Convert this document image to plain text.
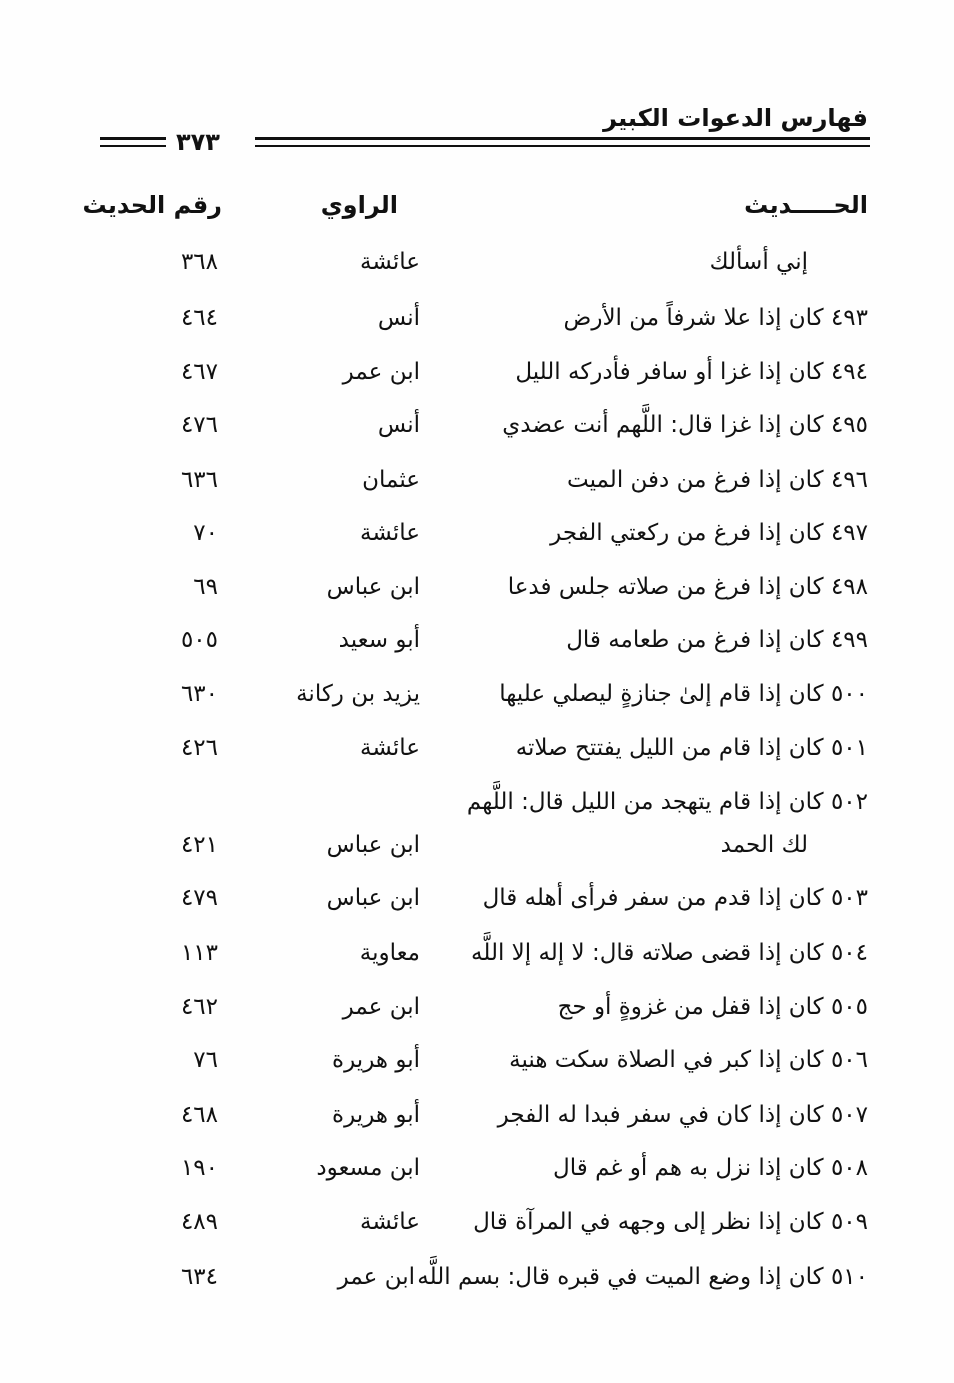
فهارس الدعوات الكبير
٣٧٣
الحـــــديث
الراوي
رقم الحديث
إني أسألك
عائشة
٣٦٨
٤٩٣ كان إذا علا شرفاً من الأرض
أنس
٤٦٤
٤٩٤ كان إذا غزا أو سافر فأدركه الليل
ابن عمر
٤٦٧
٤٩٥ كان إذا غزا قال: اللَّهم أنت عضدي
أنس
٤٧٦
٤٩٦ كان إذا فرغ من دفن الميت
عثمان
٦٣٦
٤٩٧ كان إذا فرغ من ركعتي الفجر
عائشة
٧٠
٤٩٨ كان إذا فرغ من صلاته جلس فدعا
ابن عباس
٦٩
٤٩٩ كان إذا فرغ من طعامه قال
أبو سعيد
٥٠٥
٥٠٠ كان إذا قام إلىٰ جنازةٍ ليصلي عليها
يزيد بن ركانة
٦٣٠
٥٠١ كان إذا قام من الليل يفتتح صلاته
عائشة
٤٢٦
٥٠٢ كان إذا قام يتهجد من الليل قال: اللَّهم
لك الحمد
ابن عباس
٤٢١
٥٠٣ كان إذا قدم من سفر فرأى أهله قال
ابن عباس
٤٧٩
٥٠٤ كان إذا قضى صلاته قال: لا إله إلا اللَّه
معاوية
١١٣
٥٠٥ كان إذا قفل من غزوةٍ أو حج
ابن عمر
٤٦٢
٥٠٦ كان إذا كبر في الصلاة سكت هنية
أبو هريرة
٧٦
٥٠٧ كان إذا كان في سفر فبدا له الفجر
أبو هريرة
٤٦٨
٥٠٨ كان إذا نزل به هم أو غم قال
ابن مسعود
١٩٠
٥٠٩ كان إذا نظر إلى وجهه في المرآة قال
عائشة
٤٨٩
٥١٠ كان إذا وضع الميت في قبره قال: بسم اللَّه
ابن عمر
٦٣٤
